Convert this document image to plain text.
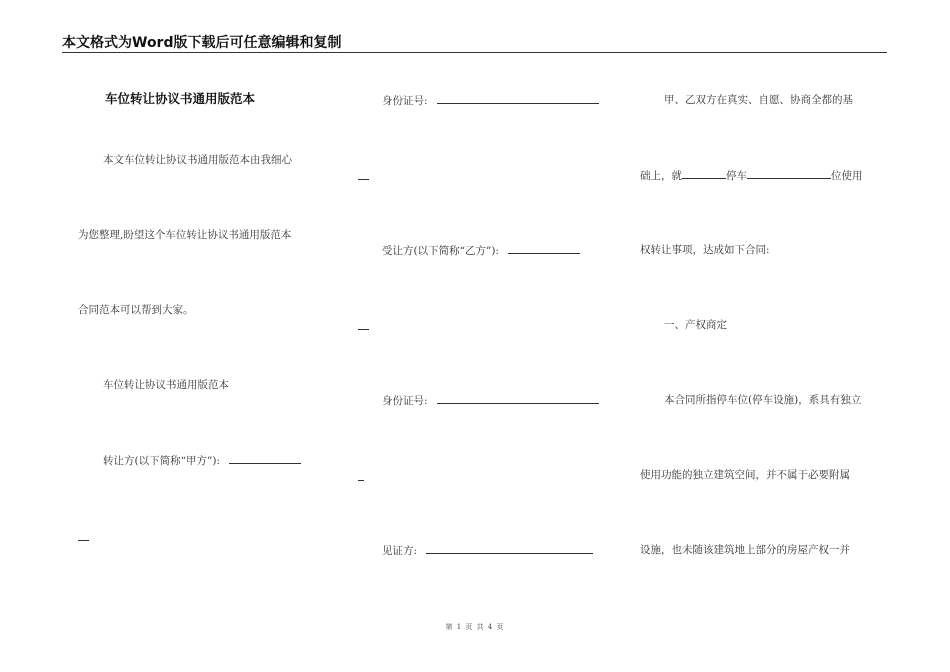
本文格式为Word版下载后可任意编辑和复制
车位转让协议书通用版范本
本文车位转让协议书通用版范本由我细心
为您整理,盼望这个车位转让协议书通用版范本
合同范本可以帮到大家。
车位转让协议书通用版范本
转让方(以下简称“甲方”):
身份证号:
受让方(以下简称“乙方”):
身份证号:
见证方:
甲、乙双方在真实、自愿、协商全都的基
础上，就	停车	位使用
权转让事项，达成如下合同:
一、产权商定
本合同所指停车位(停车设施)，系具有独立
使用功能的独立建筑空间，并不属于必要附属
设施，也未随该建筑地上部分的房屋产权一并
第 1 页 共 4 页
